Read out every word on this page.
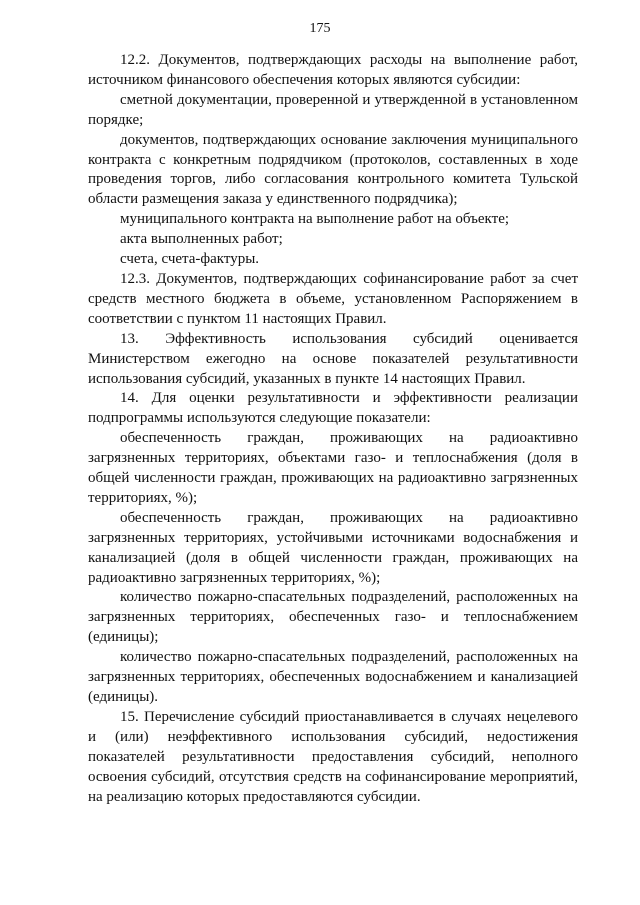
175

12.2. Документов, подтверждающих расходы на выполнение работ, источником финансового обеспечения которых являются субсидии:

сметной документации, проверенной и утвержденной в установленном порядке;

документов, подтверждающих основание заключения муниципального контракта с конкретным подрядчиком (протоколов, составленных в ходе проведения торгов, либо согласования контрольного комитета Тульской области размещения заказа у единственного подрядчика);

муниципального контракта на выполнение работ на объекте;

акта выполненных работ;

счета, счета-фактуры.

12.3. Документов, подтверждающих софинансирование работ за счет средств местного бюджета в объеме, установленном Распоряжением в соответствии с пунктом 11 настоящих Правил.

13. Эффективность использования субсидий оценивается Министерством ежегодно на основе показателей результативности использования субсидий, указанных в пункте 14 настоящих Правил.

14. Для оценки результативности и эффективности реализации подпрограммы используются следующие показатели:

обеспеченность граждан, проживающих на радиоактивно загрязненных территориях, объектами газо- и теплоснабжения (доля в общей численности граждан, проживающих на радиоактивно загрязненных территориях, %);

обеспеченность граждан, проживающих на радиоактивно загрязненных территориях, устойчивыми источниками водоснабжения и канализацией (доля в общей численности граждан, проживающих на радиоактивно загрязненных территориях, %);

количество пожарно-спасательных подразделений, расположенных на загрязненных территориях, обеспеченных газо- и теплоснабжением (единицы);

количество пожарно-спасательных подразделений, расположенных на загрязненных территориях, обеспеченных водоснабжением и канализацией (единицы).

15. Перечисление субсидий приостанавливается в случаях нецелевого и (или) неэффективного использования субсидий, недостижения показателей результативности предоставления субсидий, неполного освоения субсидий, отсутствия средств на софинансирование мероприятий, на реализацию которых предоставляются субсидии.
